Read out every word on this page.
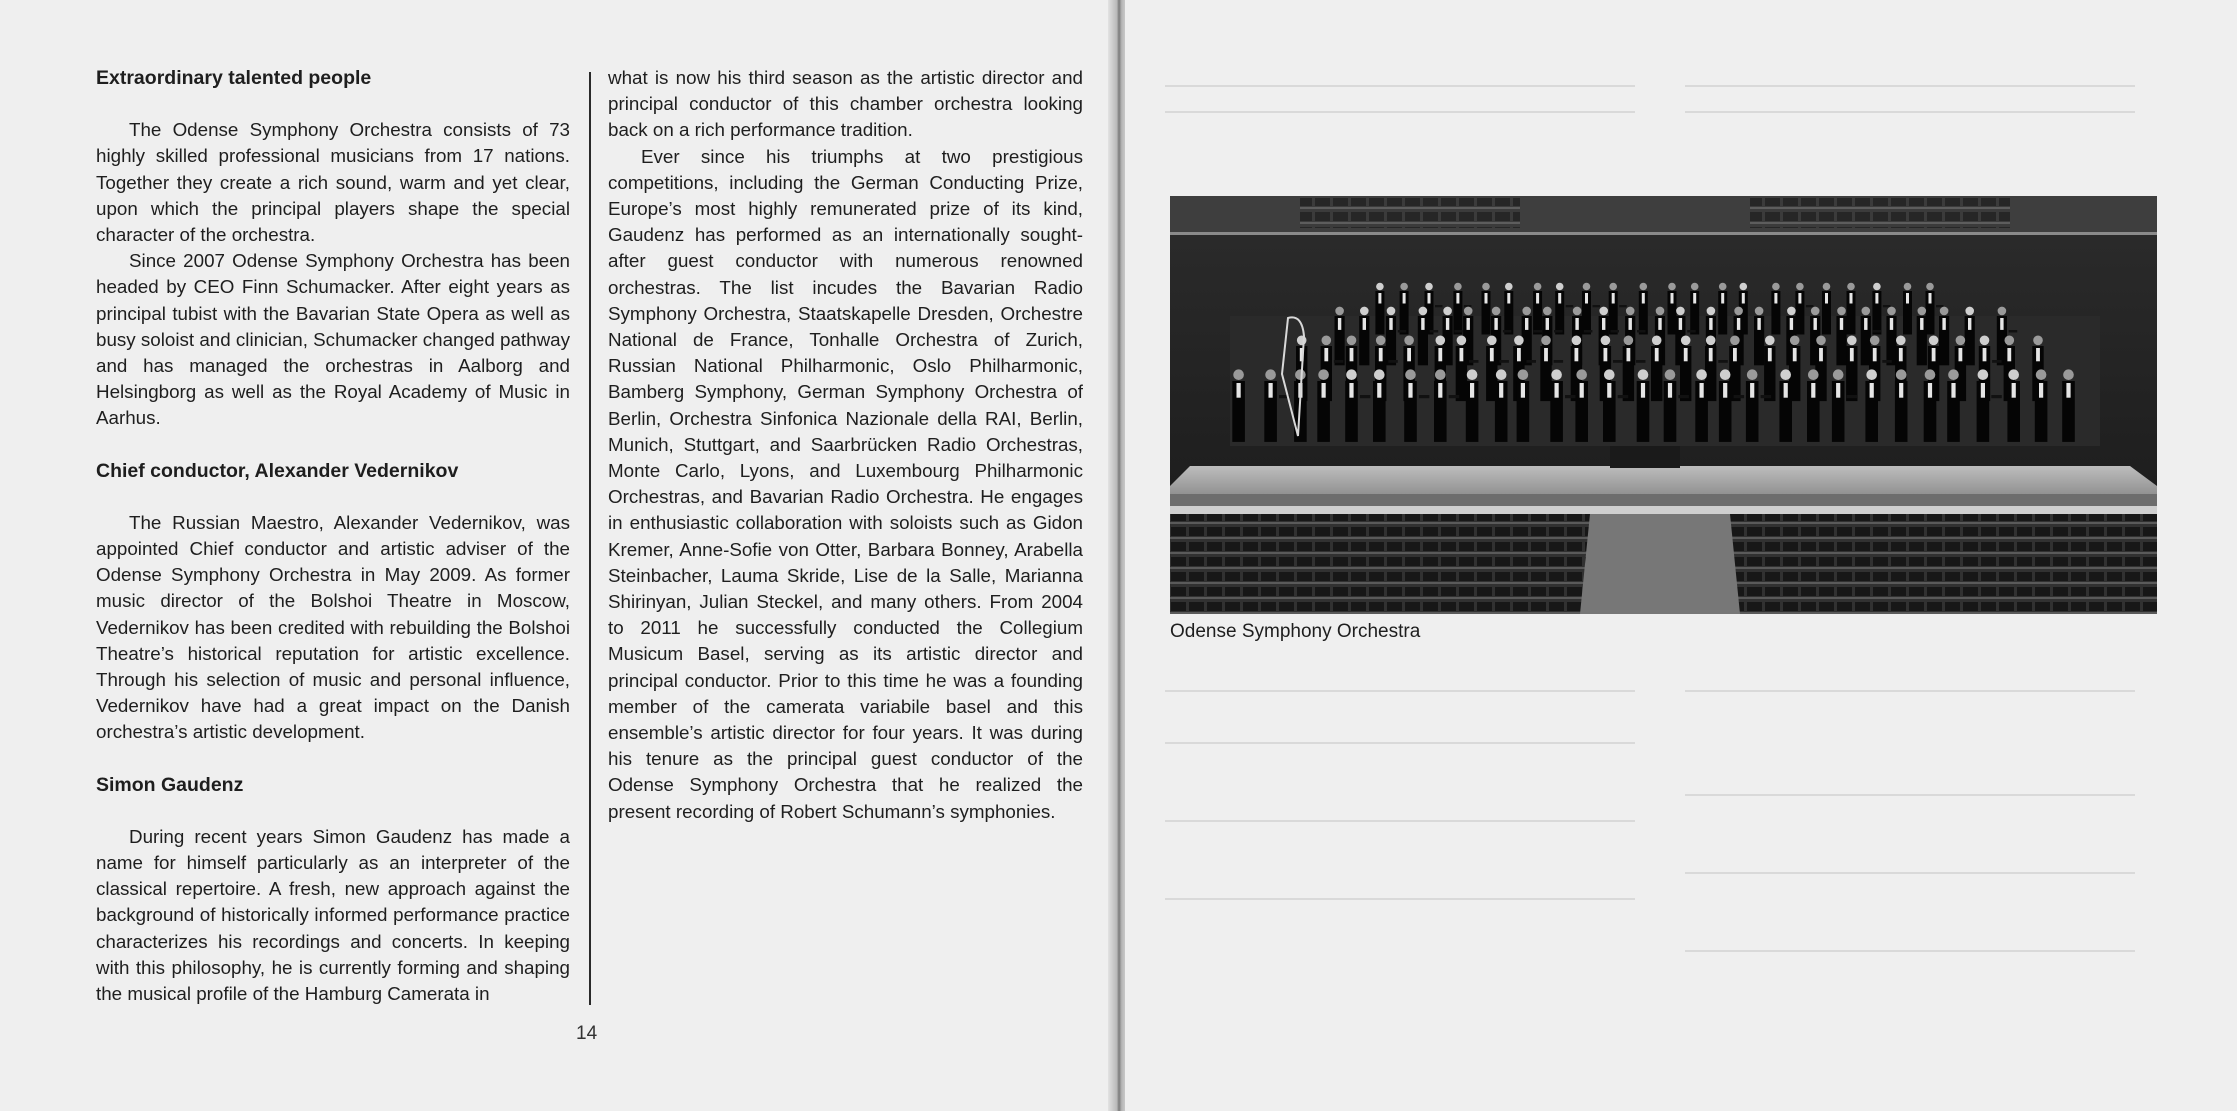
Extraordinary talented people

The Odense Symphony Orchestra consists of 73 highly skilled professional musicians from 17 nations. Together they create a rich sound, warm and yet clear, upon which the principal players shape the special character of the orchestra.

Since 2007 Odense Symphony Orchestra has been headed by CEO Finn Schumacker. After eight years as principal tubist with the Bavarian State Opera as well as busy soloist and clinician, Schumacker changed pathway and has managed the orchestras in Aalborg and Helsingborg as well as the Royal Academy of Music in Aarhus.

Chief conductor, Alexander Vedernikov

The Russian Maestro, Alexander Vedernikov, was appointed Chief conductor and artistic adviser of the Odense Symphony Orchestra in May 2009. As former music director of the Bolshoi Theatre in Moscow, Vedernikov has been credited with rebuilding the Bolshoi Theatre’s historical reputation for artistic excellence. Through his selection of music and personal influence, Vedernikov have had a great impact on the Danish orchestra’s artistic development.

Simon Gaudenz

During recent years Simon Gaudenz has made a name for himself particularly as an interpreter of the classical repertoire. A fresh, new approach against the background of historically informed performance practice characterizes his recordings and concerts. In keeping with this philosophy, he is currently forming and shaping the musical profile of the Hamburg Camerata in

what is now his third season as the artistic director and principal conductor of this chamber orchestra looking back on a rich performance tradition.

Ever since his triumphs at two prestigious competitions, including the German Conducting Prize, Europe’s most highly remunerated prize of its kind, Gaudenz has performed as an internationally sought-after guest conductor with numerous renowned orchestras. The list incudes the Bavarian Radio Symphony Orchestra, Staatskapelle Dresden, Orchestre National de France, Tonhalle Orchestra of Zurich, Russian National Philharmonic, Oslo Philharmonic, Bamberg Symphony, German Symphony Orchestra of Berlin, Orchestra Sinfonica Nazionale della RAI, Berlin, Munich, Stuttgart, and Saarbrücken Radio Orchestras, Monte Carlo, Lyons, and Luxembourg Philharmonic Orchestras, and Bavarian Radio Orchestra. He engages in enthusiastic collaboration with soloists such as Gidon Kremer, Anne-Sofie von Otter, Barbara Bonney, Arabella Steinbacher, Lauma Skride, Lise de la Salle, Marianna Shirinyan, Julian Steckel, and many others. From 2004 to 2011 he successfully conducted the Collegium Musicum Basel, serving as its artistic director and principal conductor. Prior to this time he was a founding member of the camerata variabile basel and this ensemble’s artistic director for four years. It was during his tenure as the principal guest conductor of the Odense Symphony Orchestra that he realized the present recording of Robert Schumann’s symphonies.

14
Odense Symphony Orchestra
